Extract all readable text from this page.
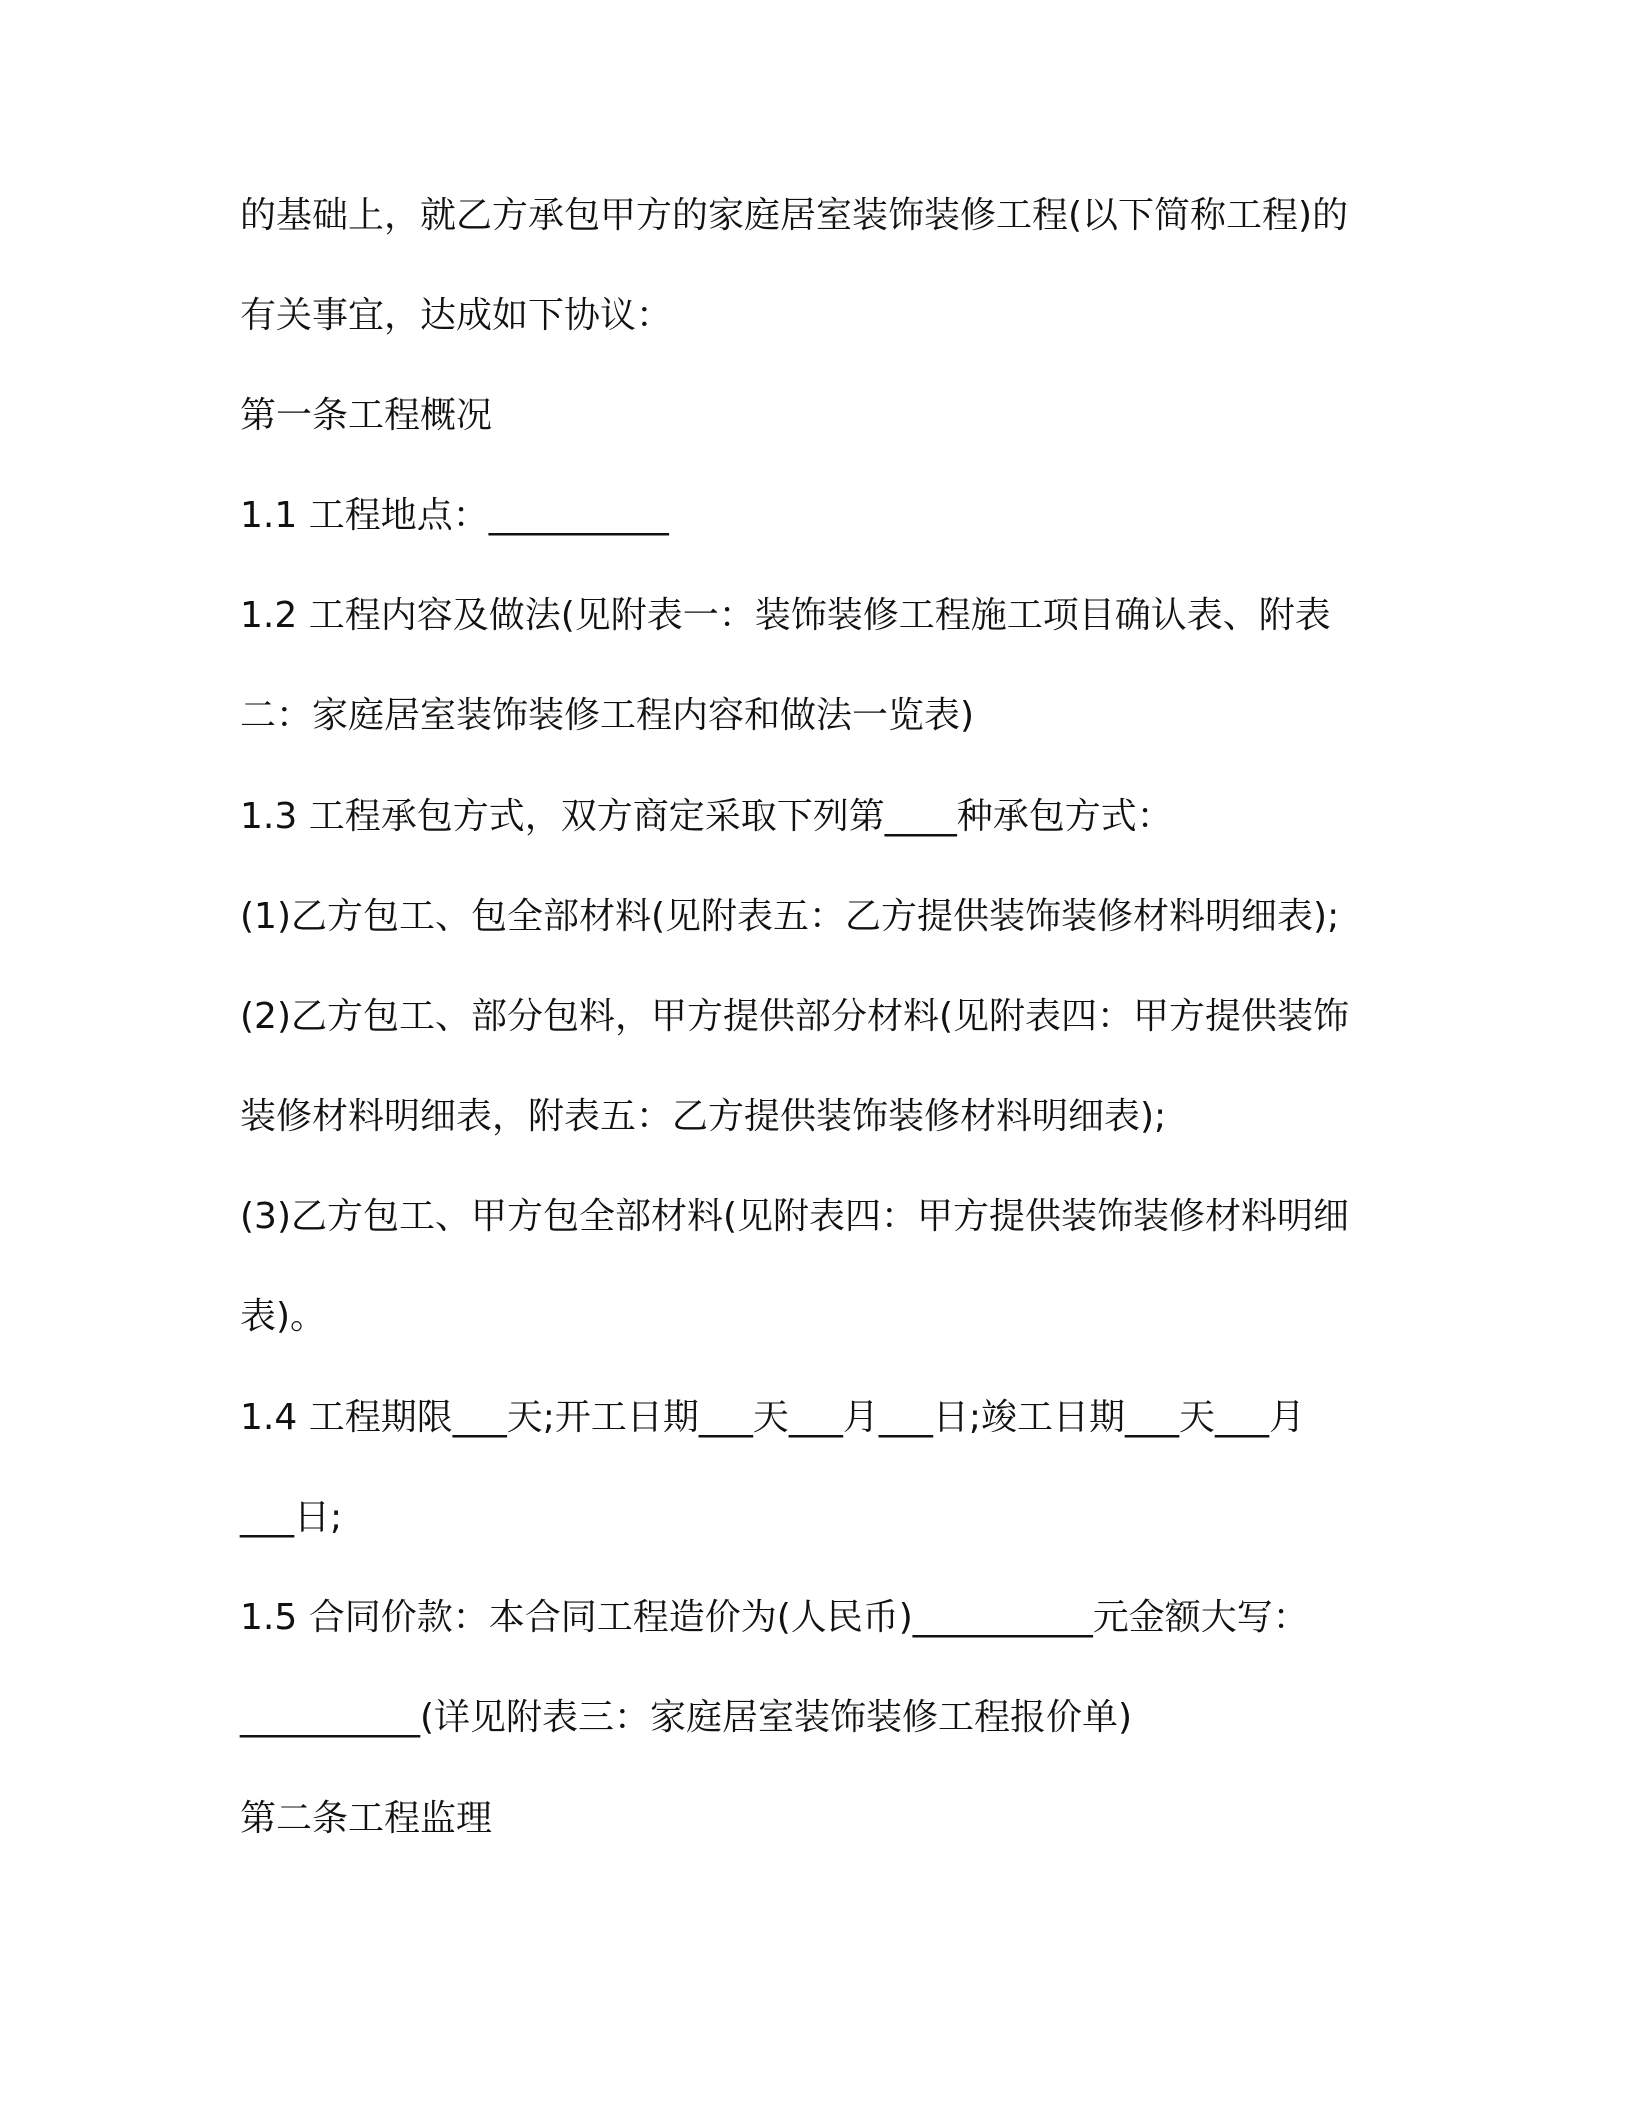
的基础上，就乙方承包甲方的家庭居室装饰装修工程(以下简称工程)的
有关事宜，达成如下协议：
第一条工程概况
1.1 工程地点：__________
1.2 工程内容及做法(见附表一：装饰装修工程施工项目确认表、附表
二：家庭居室装饰装修工程内容和做法一览表)
1.3 工程承包方式，双方商定采取下列第____种承包方式：
(1)乙方包工、包全部材料(见附表五：乙方提供装饰装修材料明细表);
(2)乙方包工、部分包料，甲方提供部分材料(见附表四：甲方提供装饰
装修材料明细表，附表五：乙方提供装饰装修材料明细表);
(3)乙方包工、甲方包全部材料(见附表四：甲方提供装饰装修材料明细
表)。
1.4 工程期限___天;开工日期___天___月___日;竣工日期___天___月
___日;
1.5 合同价款：本合同工程造价为(人民币)__________元金额大写：
__________(详见附表三：家庭居室装饰装修工程报价单)
第二条工程监理
